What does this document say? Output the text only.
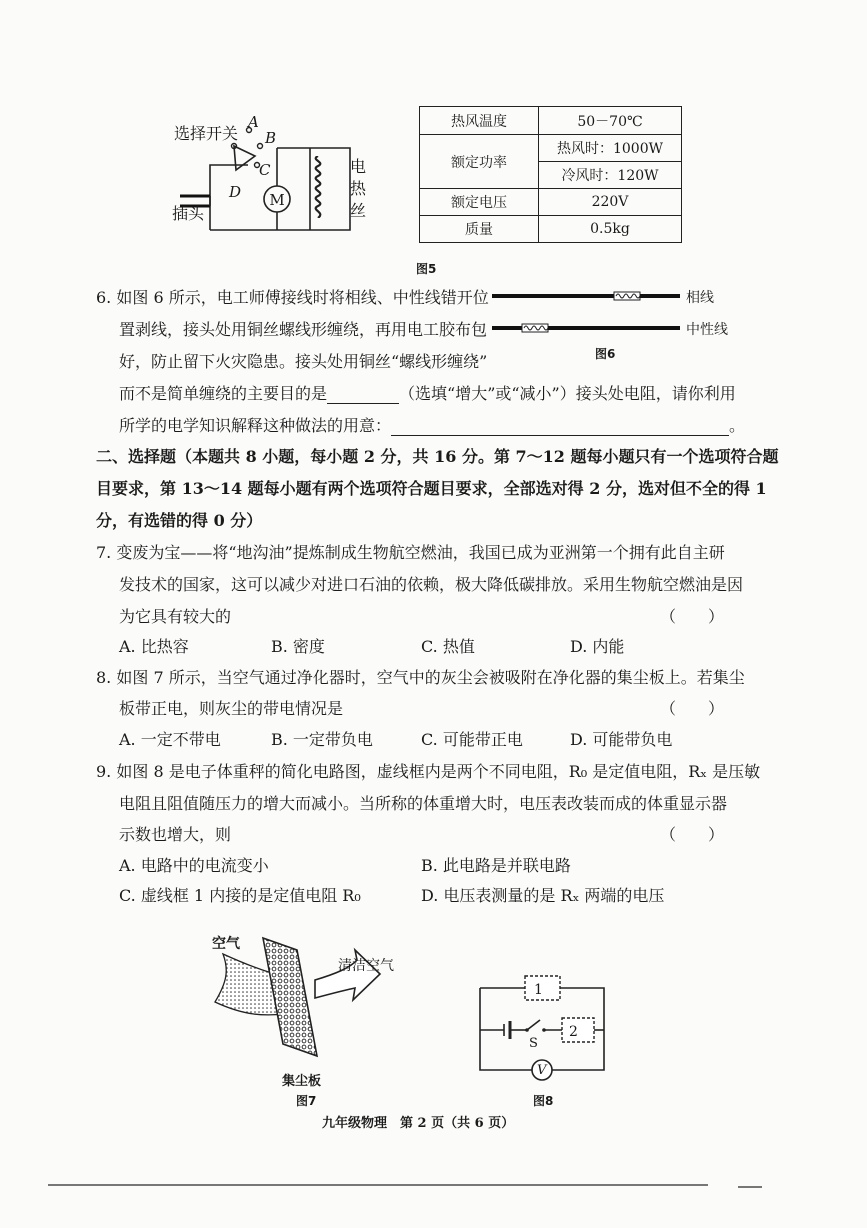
选择开关
A
B
C
D M
插头
电
热
丝
热风温度	50－70℃
额定功率	热风时：1000W
	冷风时：120W
额定电压	220V
质量	0.5kg
图5
6. 如图 6 所示，电工师傅接线时将相线、中性线错开位
置剥线，接头处用铜丝螺线形缠绕，再用电工胶布包
好，防止留下火灾隐患。接头处用铜丝“螺线形缠绕”
相线
中性线
图6
而不是简单缠绕的主要目的是	（选填“增大”或“减小”）接头处电阻，请你利用
所学的电学知识解释这种做法的用意：	。
二、选择题（本题共 8 小题，每小题 2 分，共 16 分。第 7～12 题每小题只有一个选项符合题
目要求，第 13～14 题每小题有两个选项符合题目要求，全部选对得 2 分，选对但不全的得 1
分，有选错的得 0 分）
7. 变废为宝——将“地沟油”提炼制成生物航空燃油，我国已成为亚洲第一个拥有此自主研
发技术的国家，这可以减少对进口石油的依赖，极大降低碳排放。采用生物航空燃油是因
为它具有较大的	（　　）
A. 比热容	B. 密度	C. 热值	D. 内能
8. 如图 7 所示，当空气通过净化器时，空气中的灰尘会被吸附在净化器的集尘板上。若集尘
板带正电，则灰尘的带电情况是	（　　）
A. 一定不带电	B. 一定带负电	C. 可能带正电	D. 可能带负电
9. 如图 8 是电子体重秤的简化电路图，虚线框内是两个不同电阻，R₀ 是定值电阻，Rₓ 是压敏
电阻且阻值随压力的增大而减小。当所称的体重增大时，电压表改装而成的体重显示器
示数也增大，则	（　　）
A. 电路中的电流变小	B. 此电路是并联电路
C. 虚线框 1 内接的是定值电阻 R₀	D. 电压表测量的是 Rₓ 两端的电压
空气
清洁空气
集尘板
图7
1
2
S
V
图8
九年级物理　第 2 页（共 6 页）
